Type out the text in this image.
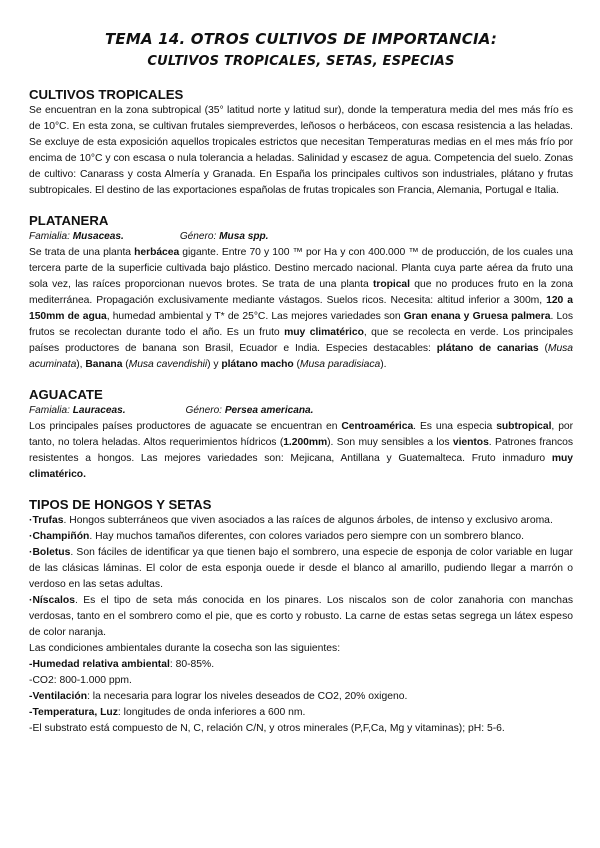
TEMA 14. OTROS CULTIVOS DE IMPORTANCIA:
CULTIVOS TROPICALES, SETAS, ESPECIAS
CULTIVOS TROPICALES

Se encuentran en la zona subtropical (35° latitud norte y latitud sur), donde la temperatura media del mes más frío es de 10°C. En esta zona, se cultivan frutales siempreverdes, leñosos o herbáceos, con escasa resistencia a las heladas. Se excluye de esta exposición aquellos tropicales estrictos que necesitan Temperaturas medias en el mes más frío por encima de 10°C y con escasa o nula tolerancia a heladas. Salinidad y escasez de agua. Competencia del suelo. Zonas de cultivo: Canarass y costa Almería y Granada. En España los principales cultivos son industriales, plátano y frutas subtropicales. El destino de las exportaciones españolas de frutas tropicales son Francia, Alemania, Portugal e Italia.

PLATANERA
Famialia: Musaceas.	Género: Musa spp.

Se trata de una planta herbácea gigante. Entre 70 y 100 ™ por Ha y con 400.000 ™ de producción, de los cuales una tercera parte de la superficie cultivada bajo plástico. Destino mercado nacional. Planta cuya parte aérea da fruto una sola vez, las raíces proporcionan nuevos brotes. Se trata de una planta tropical que no produces fruto en la zona mediterránea. Propagación exclusivamente mediante vástagos. Suelos ricos. Necesita: altitud inferior a 300m, 120 a 150mm de agua, humedad ambiental y T* de 25°C. Las mejores variedades son Gran enana y Gruesa palmera. Los frutos se recolectan durante todo el año. Es un fruto muy climatérico, que se recolecta en verde. Los principales países productores de banana son Brasil, Ecuador e India. Especies destacables: plátano de canarias (Musa acuminata), Banana (Musa cavendishii) y plátano macho (Musa paradisiaca).

AGUACATE
Famialia: Lauraceas.	Género: Persea americana.

Los principales países productores de aguacate se encuentran en Centroamérica. Es una especia subtropical, por tanto, no tolera heladas. Altos requerimientos hídricos (1.200mm). Son muy sensibles a los vientos. Patrones francos resistentes a hongos. Las mejores variedades son: Mejicana, Antillana y Guatemalteca. Fruto inmaduro muy climatérico.

TIPOS DE HONGOS Y SETAS

·Trufas. Hongos subterráneos que viven asociados a las raíces de algunos árboles, de intenso y exclusivo aroma.

·Champiñón. Hay muchos tamaños diferentes, con colores variados pero siempre con un sombrero blanco.

·Boletus. Son fáciles de identificar ya que tienen bajo el sombrero, una especie de esponja de color variable en lugar de las clásicas láminas. El color de esta esponja ouede ir desde el blanco al amarillo, pudiendo llegar a marrón o verdoso en las setas adultas.

·Níscalos. Es el tipo de seta más conocida en los pinares. Los niscalos son de color zanahoria con manchas verdosas, tanto en el sombrero como el pie, que es corto y robusto. La carne de estas setas segrega un látex espeso de color naranja.

Las condiciones ambientales durante la cosecha son las siguientes:

-Humedad relativa ambiental: 80-85%.

-CO2: 800-1.000 ppm.

-Ventilación: la necesaria para lograr los niveles deseados de CO2, 20% oxigeno.

-Temperatura, Luz: longitudes de onda inferiores a 600 nm.

-El substrato está compuesto de N, C, relación C/N, y otros minerales (P,F,Ca, Mg y vitaminas); pH: 5-6.
